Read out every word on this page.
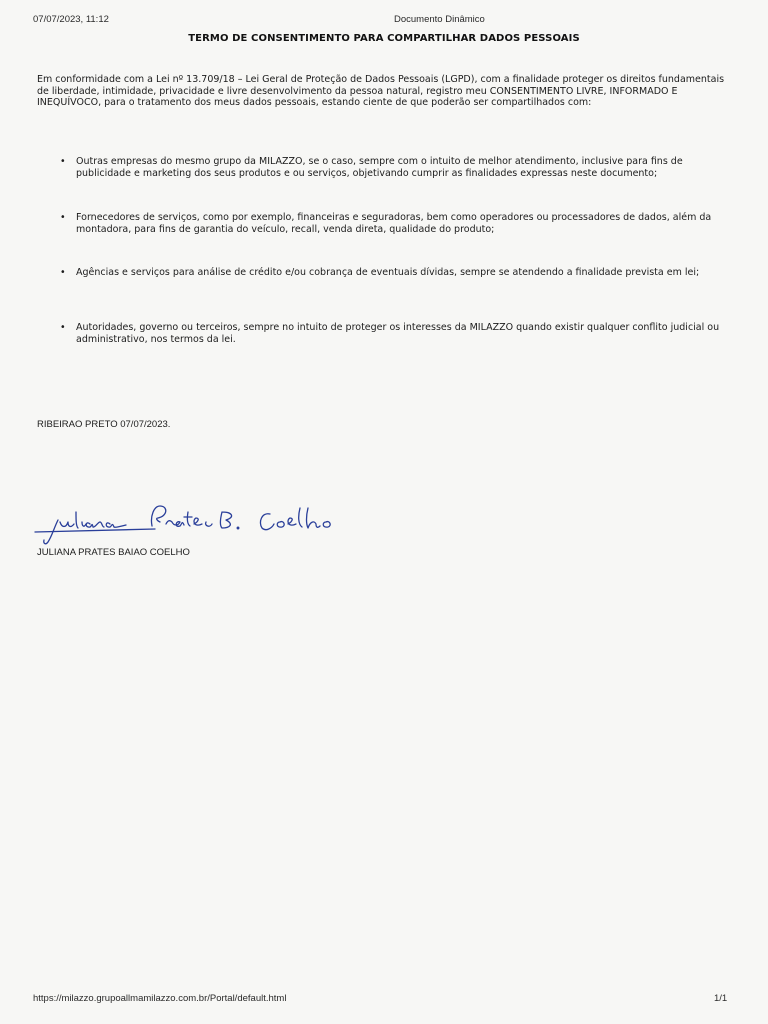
07/07/2023, 11:12	Documento Dinâmico
TERMO DE CONSENTIMENTO PARA COMPARTILHAR DADOS PESSOAIS

Em conformidade com a Lei nº 13.709/18 – Lei Geral de Proteção de Dados Pessoais (LGPD), com a finalidade proteger os direitos fundamentais de liberdade, intimidade, privacidade e livre desenvolvimento da pessoa natural, registro meu CONSENTIMENTO LIVRE, INFORMADO E INEQUÍVOCO, para o tratamento dos meus dados pessoais, estando ciente de que poderão ser compartilhados com:

•	Outras empresas do mesmo grupo da MILAZZO, se o caso, sempre com o intuito de melhor atendimento, inclusive para fins de publicidade e marketing dos seus produtos e ou serviços, objetivando cumprir as finalidades expressas neste documento;
•	Fornecedores de serviços, como por exemplo, financeiras e seguradoras, bem como operadores ou processadores de dados, além da montadora, para fins de garantia do veículo, recall, venda direta, qualidade do produto;
•	Agências e serviços para análise de crédito e/ou cobrança de eventuais dívidas, sempre se atendendo a finalidade prevista em lei;
•	Autoridades, governo ou terceiros, sempre no intuito de proteger os interesses da MILAZZO quando existir qualquer conflito judicial ou administrativo, nos termos da lei.
RIBEIRAO PRETO 07/07/2023.
JULIANA PRATES BAIAO COELHO
https://milazzo.grupoallmamilazzo.com.br/Portal/default.html	1/1
